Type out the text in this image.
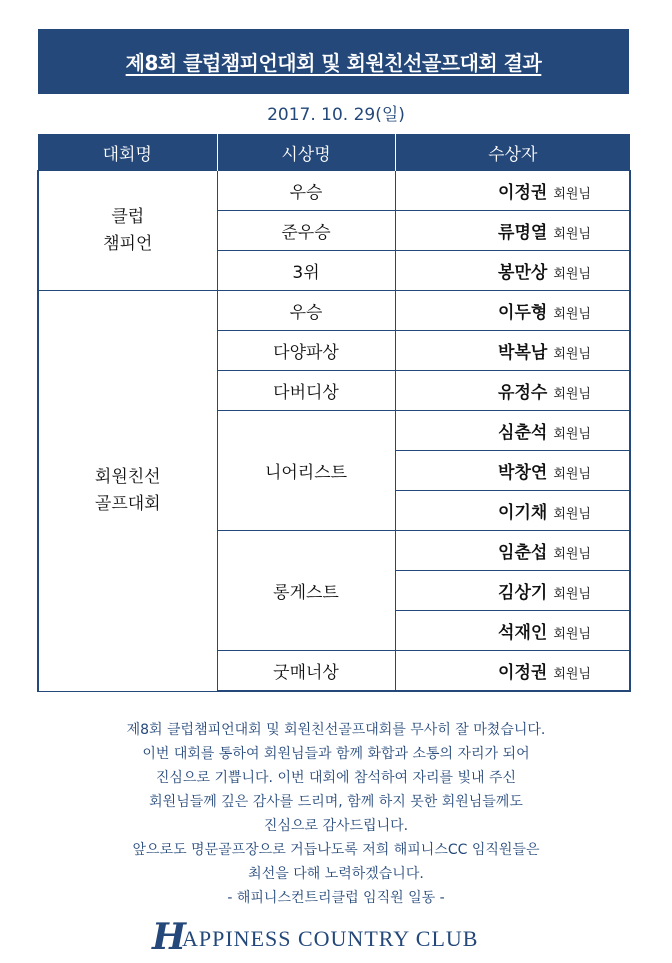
제8회 클럽챔피언대회 및 회원친선골프대회 결과
2017. 10. 29(일)
대회명	시상명	수상자

클럽
챔피언	우승	이정권 회원님
	준우승	류명열 회원님
	3위	봉만상 회원님

회원친선
골프대회	우승	이두형 회원님
	다양파상	박복남 회원님
	다버디상	유정수 회원님
	니어리스트	심춘석 회원님
		박창연 회원님
		이기채 회원님
	롱게스트	임춘섭 회원님
		김상기 회원님
		석재인 회원님
	굿매너상	이정권 회원님
제8회 클럽챔피언대회 및 회원친선골프대회를 무사히 잘 마쳤습니다.
이번 대회를 통하여 회원님들과 함께 화합과 소통의 자리가 되어
진심으로 기쁩니다. 이번 대회에 참석하여 자리를 빛내 주신
회원님들께 깊은 감사를 드리며, 함께 하지 못한 회원님들께도
진심으로 감사드립니다.
앞으로도 명문골프장으로 거듭나도록 저희 해피니스CC 임직원들은
최선을 다해 노력하겠습니다.
- 해피니스컨트리클럽 임직원 일동 -
H
APPINESS COUNTRY CLUB
